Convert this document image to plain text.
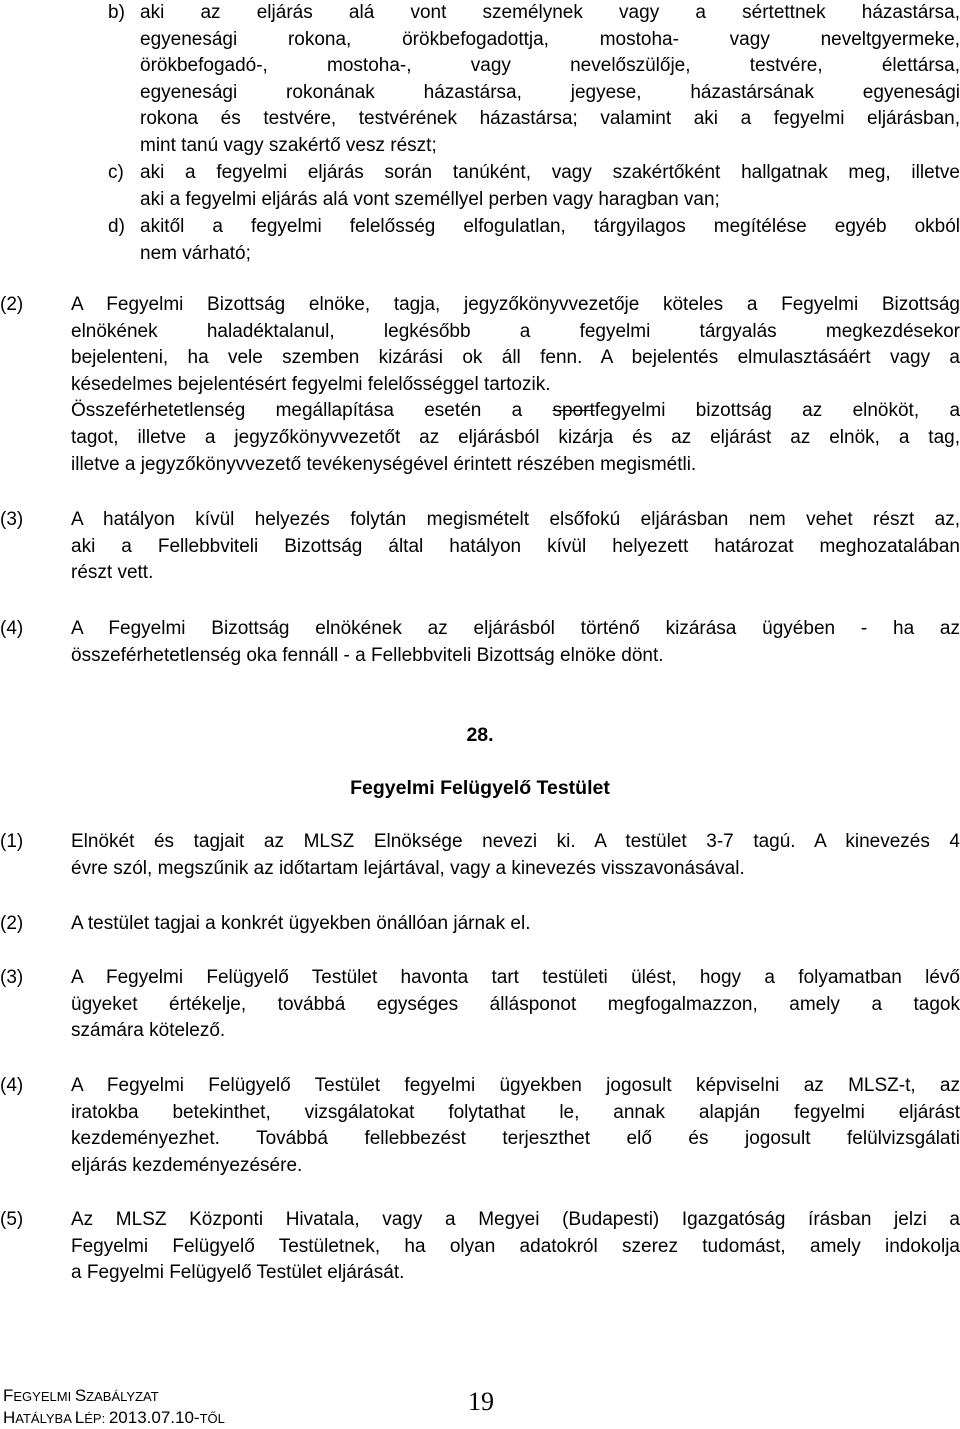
b) aki az eljárás alá vont személynek vagy a sértettnek házastársa,
egyenesági rokona, örökbefogadottja, mostoha- vagy neveltgyermeke,
örökbefogadó-, mostoha-, vagy nevelőszülője, testvére, élettársa,
egyenesági rokonának házastársa, jegyese, házastársának egyenesági
rokona és testvére, testvérének házastársa; valamint aki a fegyelmi eljárásban,
mint tanú vagy szakértő vesz részt;
c) aki a fegyelmi eljárás során tanúként, vagy szakértőként hallgatnak meg, illetve
aki a fegyelmi eljárás alá vont személlyel perben vagy haragban van;
d) akitől a fegyelmi felelősség elfogulatlan, tárgyilagos megítélése egyéb okból
nem várható;
(2)	A Fegyelmi Bizottság elnöke, tagja, jegyzőkönyvvezetője köteles a Fegyelmi Bizottság
elnökének haladéktalanul, legkésőbb a fegyelmi tárgyalás megkezdésekor
bejelenteni, ha vele szemben kizárási ok áll fenn. A bejelentés elmulasztásáért vagy a
késedelmes bejelentésért fegyelmi felelősséggel tartozik.
Összeférhetetlenség megállapítása esetén a sportfegyelmi bizottság az elnököt, a
tagot, illetve a jegyzőkönyvvezetőt az eljárásból kizárja és az eljárást az elnök, a tag,
illetve a jegyzőkönyvvezető tevékenységével érintett részében megismétli.
(3)	A hatályon kívül helyezés folytán megismételt elsőfokú eljárásban nem vehet részt az,
aki a Fellebbviteli Bizottság által hatályon kívül helyezett határozat meghozatalában
részt vett.
(4)	A Fegyelmi Bizottság elnökének az eljárásból történő kizárása ügyében - ha az
összeférhetetlenség oka fennáll - a Fellebbviteli Bizottság elnöke dönt.
28.
Fegyelmi Felügyelő Testület
(1)	Elnökét és tagjait az MLSZ Elnöksége nevezi ki. A testület 3-7 tagú. A kinevezés 4
évre szól, megszűnik az időtartam lejártával, vagy a kinevezés visszavonásával.
(2)	A testület tagjai a konkrét ügyekben önállóan járnak el.
(3)	A Fegyelmi Felügyelő Testület havonta tart testületi ülést, hogy a folyamatban lévő
ügyeket értékelje, továbbá egységes állásponot megfogalmazzon, amely a tagok
számára kötelező.
(4)	A Fegyelmi Felügyelő Testület fegyelmi ügyekben jogosult képviselni az MLSZ-t, az
iratokba betekinthet, vizsgálatokat folytathat le, annak alapján fegyelmi eljárást
kezdeményezhet. Továbbá fellebbezést terjeszthet elő és jogosult felülvizsgálati
eljárás kezdeményezésére.
(5)	Az MLSZ Központi Hivatala, vagy a Megyei (Budapesti) Igazgatóság írásban jelzi a
Fegyelmi Felügyelő Testületnek, ha olyan adatokról szerez tudomást, amely indokolja
a Fegyelmi Felügyelő Testület eljárását.
FEGYELMI SZABÁLYZAT
HATÁLYBA LÉP: 2013.07.10-TŐL
19
